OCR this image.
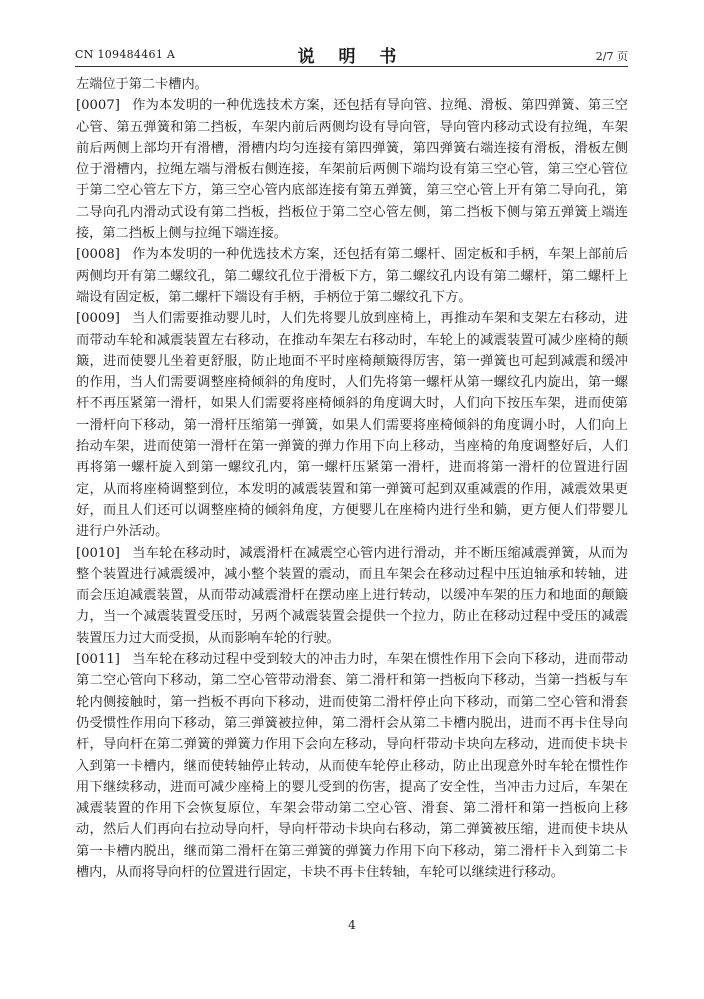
CN 109484461 A	说 明 书	2/7 页

左端位于第二卡槽内。

[0007] 作为本发明的一种优选技术方案，还包括有导向管、拉绳、滑板、第四弹簧、第三空心管、第五弹簧和第二挡板，车架内前后两侧均设有导向管，导向管内移动式设有拉绳，车架前后两侧上部均开有滑槽，滑槽内均匀连接有第四弹簧，第四弹簧右端连接有滑板，滑板左侧位于滑槽内，拉绳左端与滑板右侧连接，车架前后两侧下端均设有第三空心管，第三空心管位于第二空心管左下方，第三空心管内底部连接有第五弹簧，第三空心管上开有第二导向孔，第二导向孔内滑动式设有第二挡板，挡板位于第二空心管左侧，第二挡板下侧与第五弹簧上端连接，第二挡板上侧与拉绳下端连接。

[0008] 作为本发明的一种优选技术方案，还包括有第二螺杆、固定板和手柄，车架上部前后两侧均开有第二螺纹孔，第二螺纹孔位于滑板下方，第二螺纹孔内设有第二螺杆，第二螺杆上端设有固定板，第二螺杆下端设有手柄，手柄位于第二螺纹孔下方。

[0009] 当人们需要推动婴儿时，人们先将婴儿放到座椅上，再推动车架和支架左右移动，进而带动车轮和减震装置左右移动，在推动车架左右移动时，车轮上的减震装置可减少座椅的颠簸，进而使婴儿坐着更舒服，防止地面不平时座椅颠簸得厉害，第一弹簧也可起到减震和缓冲的作用，当人们需要调整座椅倾斜的角度时，人们先将第一螺杆从第一螺纹孔内旋出，第一螺杆不再压紧第一滑杆，如果人们需要将座椅倾斜的角度调大时，人们向下按压车架，进而使第一滑杆向下移动，第一滑杆压缩第一弹簧，如果人们需要将座椅倾斜的角度调小时，人们向上抬动车架，进而使第一滑杆在第一弹簧的弹力作用下向上移动，当座椅的角度调整好后，人们再将第一螺杆旋入到第一螺纹孔内，第一螺杆压紧第一滑杆，进而将第一滑杆的位置进行固定，从而将座椅调整到位，本发明的减震装置和第一弹簧可起到双重减震的作用，减震效果更好，而且人们还可以调整座椅的倾斜角度，方便婴儿在座椅内进行坐和躺，更方便人们带婴儿进行户外活动。

[0010] 当车轮在移动时，减震滑杆在减震空心管内进行滑动，并不断压缩减震弹簧，从而为整个装置进行减震缓冲，减小整个装置的震动，而且车架会在移动过程中压迫轴承和转轴，进而会压迫减震装置，从而带动减震滑杆在摆动座上进行转动，以缓冲车架的压力和地面的颠簸力，当一个减震装置受压时，另两个减震装置会提供一个拉力，防止在移动过程中受压的减震装置压力过大而受损，从而影响车轮的行驶。

[0011] 当车轮在移动过程中受到较大的冲击力时，车架在惯性作用下会向下移动，进而带动第二空心管向下移动，第二空心管带动滑套、第二滑杆和第一挡板向下移动，当第一挡板与车轮内侧接触时，第一挡板不再向下移动，进而使第二滑杆停止向下移动，而第二空心管和滑套仍受惯性作用向下移动，第三弹簧被拉伸，第二滑杆会从第二卡槽内脱出，进而不再卡住导向杆，导向杆在第二弹簧的弹簧力作用下会向左移动，导向杆带动卡块向左移动，进而使卡块卡入到第一卡槽内，继而使转轴停止转动，从而使车轮停止移动，防止出现意外时车轮在惯性作用下继续移动，进而可减少座椅上的婴儿受到的伤害，提高了安全性，当冲击力过后，车架在减震装置的作用下会恢复原位，车架会带动第二空心管、滑套、第二滑杆和第一挡板向上移动，然后人们再向右拉动导向杆，导向杆带动卡块向右移动，第二弹簧被压缩，进而使卡块从第一卡槽内脱出，继而第二滑杆在第三弹簧的弹簧力作用下向下移动，第二滑杆卡入到第二卡槽内，从而将导向杆的位置进行固定，卡块不再卡住转轴，车轮可以继续进行移动。

4
